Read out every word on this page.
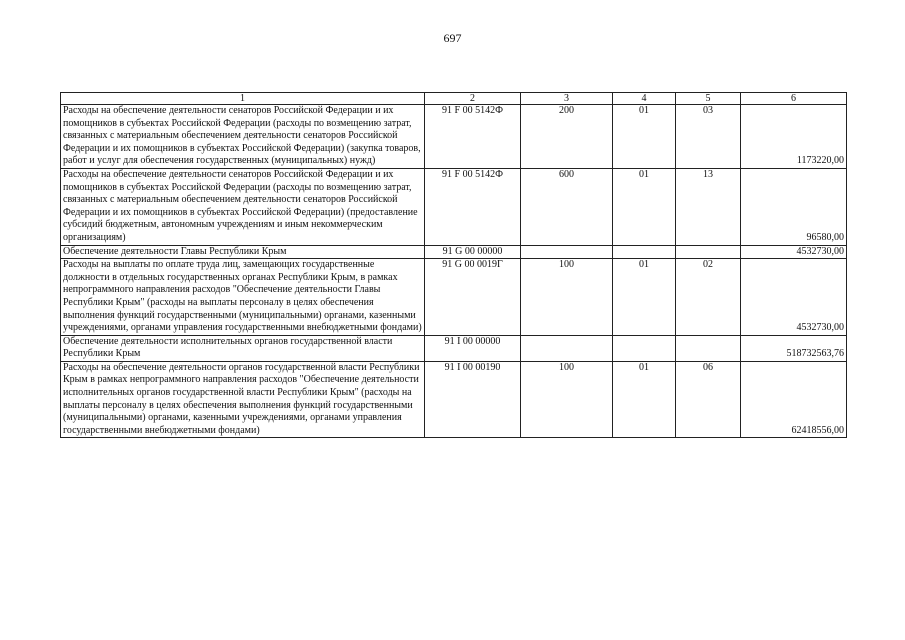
697
1	2	3	4	5	6
Расходы на обеспечение деятельности сенаторов Российской Федерации и их помощников в субъектах Российской Федерации (расходы по возмещению затрат, связанных с материальным обеспечением деятельности сенаторов Российской Федерации и их помощников в субъектах Российской Федерации) (закупка товаров, работ и услуг для обеспечения государственных (муниципальных) нужд)	91 F 00 5142Ф	200	01	03	1173220,00
Расходы на обеспечение деятельности сенаторов Российской Федерации и их помощников в субъектах Российской Федерации (расходы по возмещению затрат, связанных с материальным обеспечением деятельности сенаторов Российской Федерации и их помощников в субъектах Российской Федерации) (предоставление субсидий бюджетным, автономным учреждениям и иным некоммерческим организациям)	91 F 00 5142Ф	600	01	13	96580,00
Обеспечение деятельности Главы Республики Крым	91 G 00 00000				4532730,00
Расходы на выплаты по оплате труда лиц, замещающих государственные должности в отдельных государственных органах Республики Крым, в рамках непрограммного направления расходов "Обеспечение деятельности Главы Республики Крым" (расходы на выплаты персоналу в целях обеспечения выполнения функций государственными (муниципальными) органами, казенными учреждениями, органами управления государственными внебюджетными фондами)	91 G 00 0019Г	100	01	02	4532730,00
Обеспечение деятельности исполнительных органов государственной власти Республики Крым	91 I 00 00000				518732563,76
Расходы на обеспечение деятельности органов государственной власти Республики Крым в рамках непрограммного направления расходов "Обеспечение деятельности исполнительных органов государственной власти Республики Крым" (расходы на выплаты персоналу в целях обеспечения выполнения функций государственными (муниципальными) органами, казенными учреждениями, органами управления государственными внебюджетными фондами)	91 I 00 00190	100	01	06	62418556,00
